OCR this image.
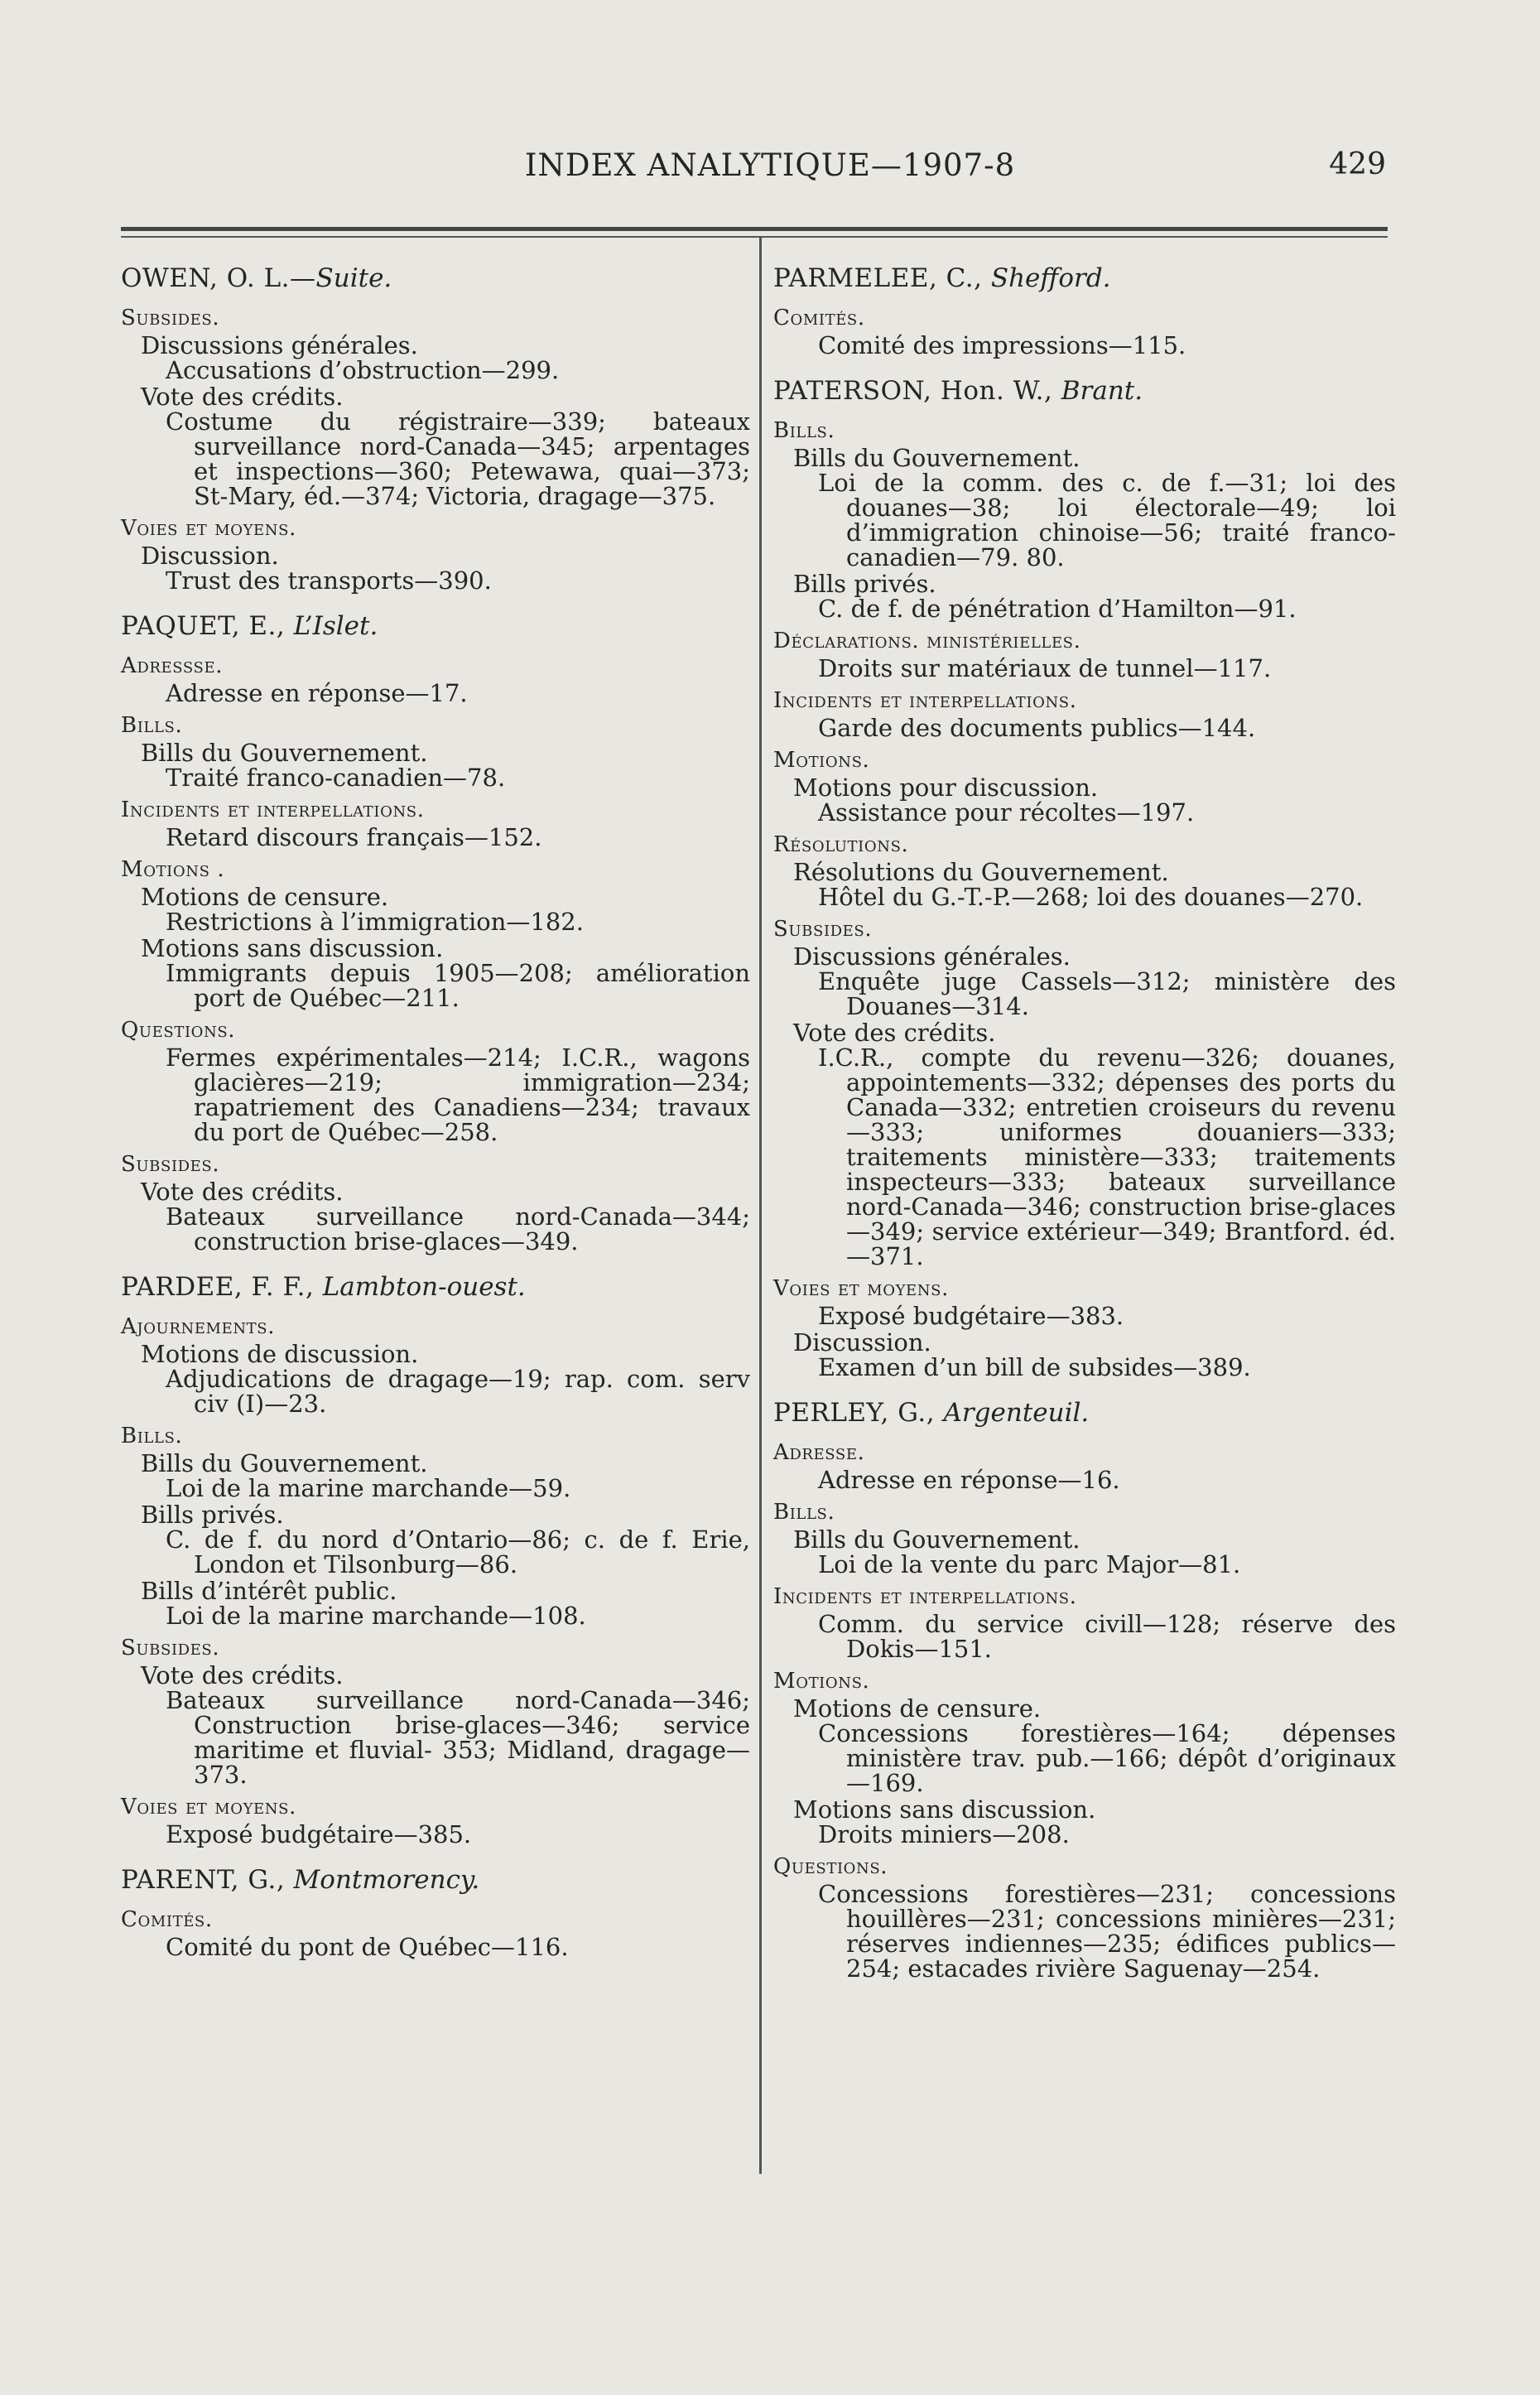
INDEX ANALYTIQUE—1907-8	429
OWEN, O. L.—Suite.
Subsides.
Discussions générales.
Accusations d’obstruction—299.
Vote des crédits.
Costume du régistraire—339; bateaux surveillance nord-Canada—345; arpentages et inspections—360; Petewawa, quai—373; St-Mary, éd.—374; Victoria, dragage—375.
Voies et moyens.
Discussion.
Trust des transports—390.
PAQUET, E., L’Islet.
Adressse.
Adresse en réponse—17.
Bills.
Bills du Gouvernement.
Traité franco-canadien—78.
Incidents et interpellations.
Retard discours français—152.
Motions .
Motions de censure.
Restrictions à l’immigration—182.
Motions sans discussion.
Immigrants depuis 1905—208; amélioration port de Québec—211.
Questions.
Fermes expérimentales—214; I.C.R., wagons glacières—219; immigration—234; rapatriement des Canadiens—234; travaux du port de Québec—258.
Subsides.
Vote des crédits.
Bateaux surveillance nord-Canada—344; construction brise-glaces—349.
PARDEE, F. F., Lambton-ouest.
Ajournements.
Motions de discussion.
Adjudications de dragage—19; rap. com. serv civ (I)—23.
Bills.
Bills du Gouvernement.
Loi de la marine marchande—59.
Bills privés.
C. de f. du nord d’Ontario—86; c. de f. Erie, London et Tilsonburg—86.
Bills d’intérêt public.
Loi de la marine marchande—108.
Subsides.
Vote des crédits.
Bateaux surveillance nord-Canada—346; Construction brise-glaces—346; service maritime et fluvial- 353; Midland, dragage—373.
Voies et moyens.
Exposé budgétaire—385.
PARENT, G., Montmorency.
Comités.
Comité du pont de Québec—116.
PARMELEE, C., Shefford.
Comités.
Comité des impressions—115.
PATERSON, Hon. W., Brant.
Bills.
Bills du Gouvernement.
Loi de la comm. des c. de f.—31; loi des douanes—38; loi électorale—49; loi d’immigration chinoise—56; traité franco-canadien—79. 80.
Bills privés.
C. de f. de pénétration d’Hamilton—91.
Déclarations. ministérielles.
Droits sur matériaux de tunnel—117.
Incidents et interpellations.
Garde des documents publics—144.
Motions.
Motions pour discussion.
Assistance pour récoltes—197.
Résolutions.
Résolutions du Gouvernement.
Hôtel du G.-T.-P.—268; loi des douanes—270.
Subsides.
Discussions générales.
Enquête juge Cassels—312; ministère des Douanes—314.
Vote des crédits.
I.C.R., compte du revenu—326; douanes, appointements—332; dépenses des ports du Canada—332; entretien croiseurs du revenu—333; uniformes douaniers—333; traitements ministère—333; traitements inspecteurs—333; bateaux surveillance nord-Canada—346; construction brise-glaces—349; service extérieur—349; Brantford. éd.—371.
Voies et moyens.
Exposé budgétaire—383.
Discussion.
Examen d’un bill de subsides—389.
PERLEY, G., Argenteuil.
Adresse.
Adresse en réponse—16.
Bills.
Bills du Gouvernement.
Loi de la vente du parc Major—81.
Incidents et interpellations.
Comm. du service civill—128; réserve des Dokis—151.
Motions.
Motions de censure.
Concessions forestières—164; dépenses ministère trav. pub.—166; dépôt d’originaux—169.
Motions sans discussion.
Droits miniers—208.
Questions.
Concessions forestières—231; concessions houillères—231; concessions minières—231; réserves indiennes—235; édifices publics—254; estacades rivière Saguenay—254.
